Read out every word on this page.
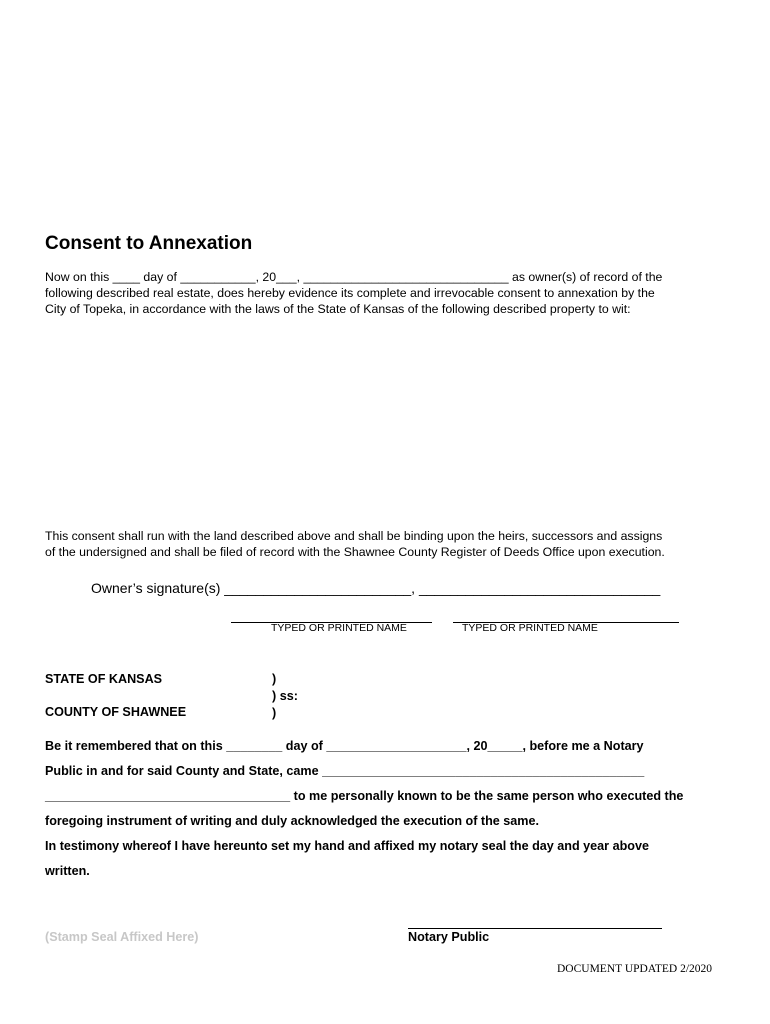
Consent to Annexation
Now on this ____ day of ___________, 20___, ______________________________ as owner(s) of record of the
following described real estate, does hereby evidence its complete and irrevocable consent to annexation by the
City of Topeka, in accordance with the laws of the State of Kansas of the following described property to wit:
This consent shall run with the land described above and shall be binding upon the heirs, successors and assigns
of the undersigned and shall be filed of record with the Shawnee County Register of Deeds Office upon execution.
Owner’s signature(s) ________________________, _______________________________
TYPED OR PRINTED NAME	TYPED OR PRINTED NAME
STATE OF KANSAS
COUNTY OF SHAWNEE
)
) ss:
)
Be it remembered that on this ________ day of ____________________, 20_____, before me a Notary
Public in and for said County and State, came ______________________________________________
___________________________________ to me personally known to be the same person who executed the
foregoing instrument of writing and duly acknowledged the execution of the same.
In testimony whereof I have hereunto set my hand and affixed my notary seal the day and year above
written.
(Stamp Seal Affixed Here)	Notary Public
DOCUMENT UPDATED 2/2020
